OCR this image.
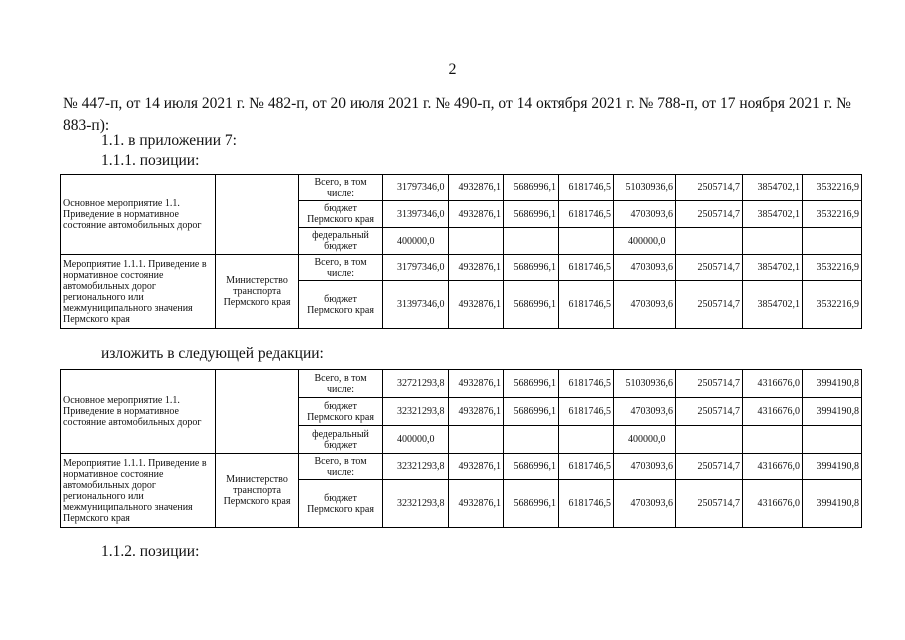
2
№ 447-п, от 14 июля 2021 г. № 482-п, от 20 июля 2021 г. № 490-п, от 14 октября 2021 г. № 788-п, от 17 ноября 2021 г. № 883-п):
1.1. в приложении 7:
1.1.1. позиции:
Основное мероприятие 1.1. Приведение в нормативное состояние автомобильных дорог		Всего, в том числе:	31797346,0	4932876,1	5686996,1	6181746,5	51030936,6	2505714,7	3854702,1	3532216,9
		бюджет Пермского края	31397346,0	4932876,1	5686996,1	6181746,5	4703093,6	2505714,7	3854702,1	3532216,9
		федеральный бюджет	400000,0				400000,0			
Мероприятие 1.1.1. Приведение в нормативное состояние автомобильных дорог регионального или межмуниципального значения Пермского края	Министерство транспорта Пермского края	Всего, в том числе:	31797346,0	4932876,1	5686996,1	6181746,5	4703093,6	2505714,7	3854702,1	3532216,9
		бюджет Пермского края	31397346,0	4932876,1	5686996,1	6181746,5	4703093,6	2505714,7	3854702,1	3532216,9
изложить в следующей редакции:
Основное мероприятие 1.1. Приведение в нормативное состояние автомобильных дорог		Всего, в том числе:	32721293,8	4932876,1	5686996,1	6181746,5	51030936,6	2505714,7	4316676,0	3994190,8
		бюджет Пермского края	32321293,8	4932876,1	5686996,1	6181746,5	4703093,6	2505714,7	4316676,0	3994190,8
		федеральный бюджет	400000,0				400000,0			
Мероприятие 1.1.1. Приведение в нормативное состояние автомобильных дорог регионального или межмуниципального значения Пермского края	Министерство транспорта Пермского края	Всего, в том числе:	32321293,8	4932876,1	5686996,1	6181746,5	4703093,6	2505714,7	4316676,0	3994190,8
		бюджет Пермского края	32321293,8	4932876,1	5686996,1	6181746,5	4703093,6	2505714,7	4316676,0	3994190,8
1.1.2. позиции:
